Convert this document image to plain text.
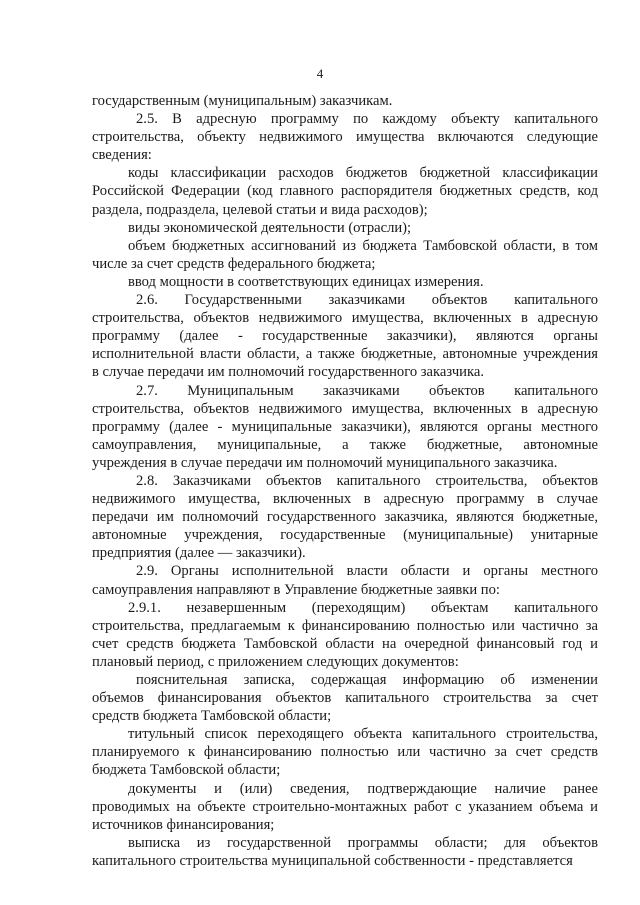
4
государственным (муниципальным) заказчикам.
2.5. В адресную программу по каждому объекту капитального
строительства, объекту недвижимого имущества включаются следующие
сведения:
коды классификации расходов бюджетов бюджетной классификации
Российской Федерации (код главного распорядителя бюджетных средств, код
раздела, подраздела, целевой статьи и вида расходов);
виды экономической деятельности (отрасли);
объем бюджетных ассигнований из бюджета Тамбовской области, в том
числе за счет средств федерального бюджета;
ввод мощности в соответствующих единицах измерения.
2.6. Государственными заказчиками объектов капитального
строительства, объектов недвижимого имущества, включенных в адресную
программу (далее - государственные заказчики), являются органы
исполнительной власти области, а также бюджетные, автономные учреждения
в случае передачи им полномочий государственного заказчика.
2.7. Муниципальным заказчиками объектов капитального
строительства, объектов недвижимого имущества, включенных в адресную
программу (далее - муниципальные заказчики), являются органы местного
самоуправления, муниципальные, а также бюджетные, автономные
учреждения в случае передачи им полномочий муниципального заказчика.
2.8. Заказчиками объектов капитального строительства, объектов
недвижимого имущества, включенных в адресную программу в случае
передачи им полномочий государственного заказчика, являются бюджетные,
автономные учреждения, государственные (муниципальные) унитарные
предприятия (далее — заказчики).
2.9. Органы исполнительной власти области и органы местного
самоуправления направляют в Управление бюджетные заявки по:
2.9.1. незавершенным (переходящим) объектам капитального
строительства, предлагаемым к финансированию полностью или частично за
счет средств бюджета Тамбовской области на очередной финансовый год и
плановый период, с приложением следующих документов:
пояснительная записка, содержащая информацию об изменении
объемов финансирования объектов капитального строительства за счет
средств бюджета Тамбовской области;
титульный список переходящего объекта капитального строительства,
планируемого к финансированию полностью или частично за счет средств
бюджета Тамбовской области;
документы и (или) сведения, подтверждающие наличие ранее
проводимых на объекте строительно-монтажных работ с указанием объема и
источников финансирования;
выписка из государственной программы области; для объектов
капитального строительства муниципальной собственности - представляется
